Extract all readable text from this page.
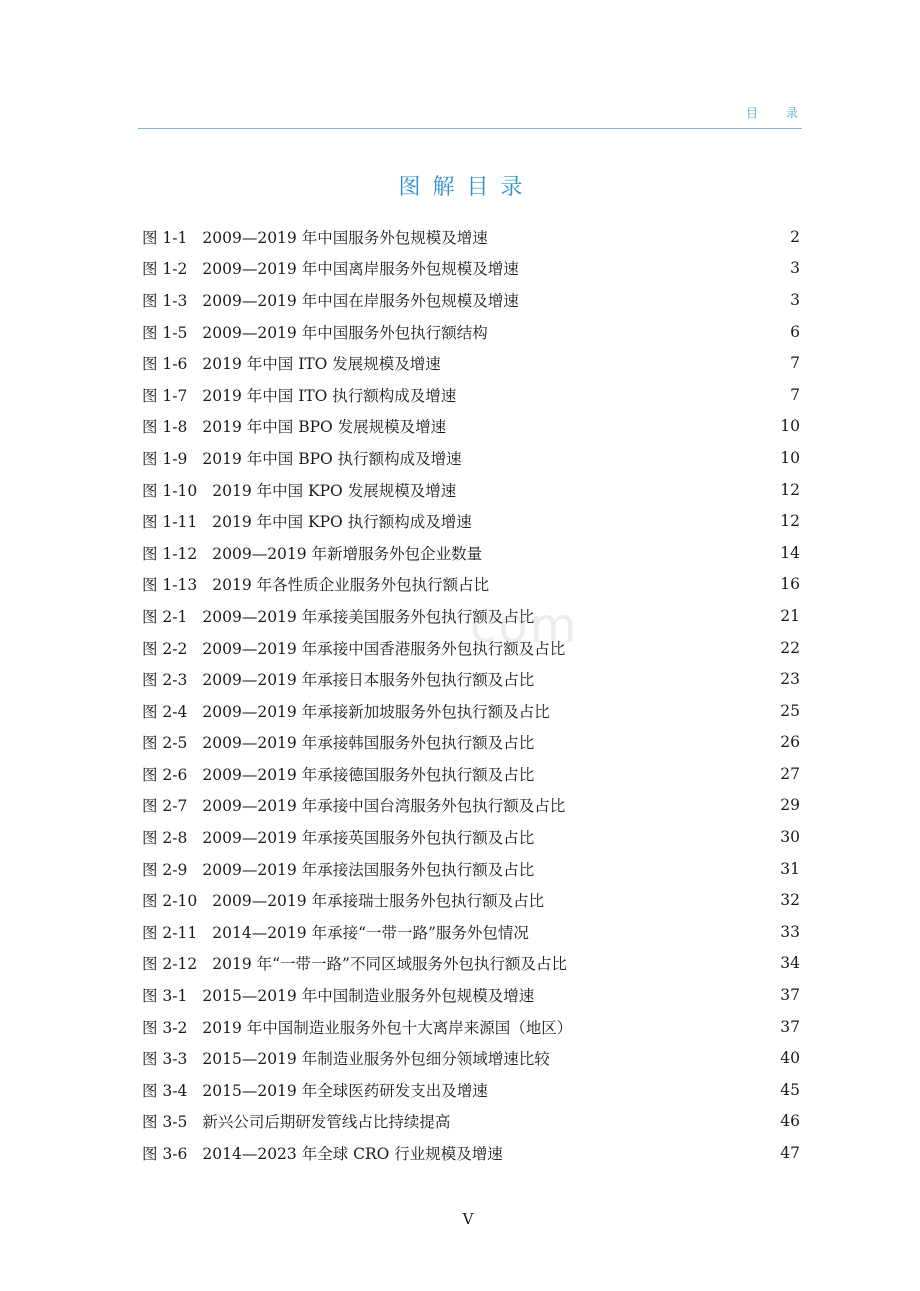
目录
图解目录
图 1-1 2009—2019 年中国服务外包规模及增速	2
图 1-2 2009—2019 年中国离岸服务外包规模及增速	3
图 1-3 2009—2019 年中国在岸服务外包规模及增速	3
图 1-5 2009—2019 年中国服务外包执行额结构	6
图 1-6 2019 年中国 ITO 发展规模及增速	7
图 1-7 2019 年中国 ITO 执行额构成及增速	7
图 1-8 2019 年中国 BPO 发展规模及增速	10
图 1-9 2019 年中国 BPO 执行额构成及增速	10
图 1-10 2019 年中国 KPO 发展规模及增速	12
图 1-11 2019 年中国 KPO 执行额构成及增速	12
图 1-12 2009—2019 年新增服务外包企业数量	14
图 1-13 2019 年各性质企业服务外包执行额占比	16
图 2-1 2009—2019 年承接美国服务外包执行额及占比	21
图 2-2 2009—2019 年承接中国香港服务外包执行额及占比	22
图 2-3 2009—2019 年承接日本服务外包执行额及占比	23
图 2-4 2009—2019 年承接新加坡服务外包执行额及占比	25
图 2-5 2009—2019 年承接韩国服务外包执行额及占比	26
图 2-6 2009—2019 年承接德国服务外包执行额及占比	27
图 2-7 2009—2019 年承接中国台湾服务外包执行额及占比	29
图 2-8 2009—2019 年承接英国服务外包执行额及占比	30
图 2-9 2009—2019 年承接法国服务外包执行额及占比	31
图 2-10 2009—2019 年承接瑞士服务外包执行额及占比	32
图 2-11 2014—2019 年承接“一带一路”服务外包情况	33
图 2-12 2019 年“一带一路”不同区域服务外包执行额及占比	34
图 3-1 2015—2019 年中国制造业服务外包规模及增速	37
图 3-2 2019 年中国制造业服务外包十大离岸来源国（地区）	37
图 3-3 2015—2019 年制造业服务外包细分领域增速比较	40
图 3-4 2015—2019 年全球医药研发支出及增速	45
图 3-5 新兴公司后期研发管线占比持续提高	46
图 3-6 2014—2023 年全球 CRO 行业规模及增速	47
com
V
